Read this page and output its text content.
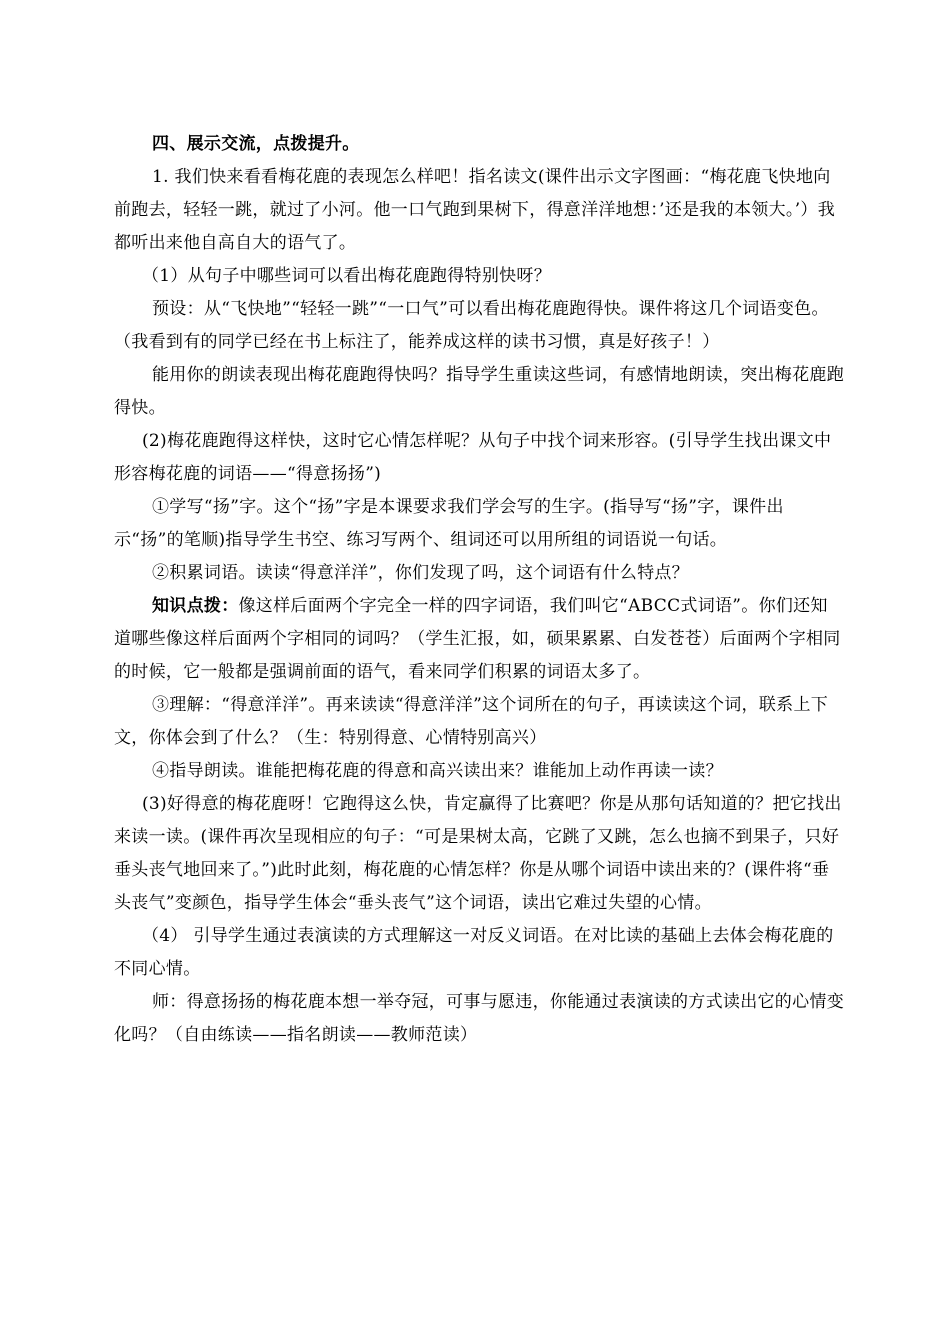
四、展示交流，点拨提升。

1. 我们快来看看梅花鹿的表现怎么样吧！指名读文(课件出示文字图画：“梅花鹿飞快地向前跑去，轻轻一跳，就过了小河。他一口气跑到果树下，得意洋洋地想：’还是我的本领大。’）我都听出来他自高自大的语气了。

（1）从句子中哪些词可以看出梅花鹿跑得特别快呀？

预设：从“飞快地”“轻轻一跳”“一口气”可以看出梅花鹿跑得快。课件将这几个词语变色。（我看到有的同学已经在书上标注了，能养成这样的读书习惯，真是好孩子！）

能用你的朗读表现出梅花鹿跑得快吗？指导学生重读这些词，有感情地朗读，突出梅花鹿跑得快。

(2)梅花鹿跑得这样快，这时它心情怎样呢？从句子中找个词来形容。(引导学生找出课文中形容梅花鹿的词语——“得意扬扬”)

①学写“扬”字。这个“扬”字是本课要求我们学会写的生字。(指导写“扬”字，课件出示“扬”的笔顺)指导学生书空、练习写两个、组词还可以用所组的词语说一句话。

②积累词语。读读“得意洋洋”，你们发现了吗，这个词语有什么特点？

知识点拨：像这样后面两个字完全一样的四字词语，我们叫它“ABCC式词语”。你们还知道哪些像这样后面两个字相同的词吗？（学生汇报，如，硕果累累、白发苍苍）后面两个字相同的时候，它一般都是强调前面的语气，看来同学们积累的词语太多了。

③理解：“得意洋洋”。再来读读“得意洋洋”这个词所在的句子，再读读这个词，联系上下文，你体会到了什么？（生：特别得意、心情特别高兴）

④指导朗读。谁能把梅花鹿的得意和高兴读出来？谁能加上动作再读一读？

(3)好得意的梅花鹿呀！它跑得这么快，肯定赢得了比赛吧？你是从那句话知道的？把它找出来读一读。(课件再次呈现相应的句子：“可是果树太高，它跳了又跳，怎么也摘不到果子，只好垂头丧气地回来了。”)此时此刻，梅花鹿的心情怎样？你是从哪个词语中读出来的？(课件将“垂头丧气”变颜色，指导学生体会“垂头丧气”这个词语，读出它难过失望的心情。

（4） 引导学生通过表演读的方式理解这一对反义词语。在对比读的基础上去体会梅花鹿的不同心情。

师：得意扬扬的梅花鹿本想一举夺冠，可事与愿违，你能通过表演读的方式读出它的心情变化吗？（自由练读——指名朗读——教师范读）
